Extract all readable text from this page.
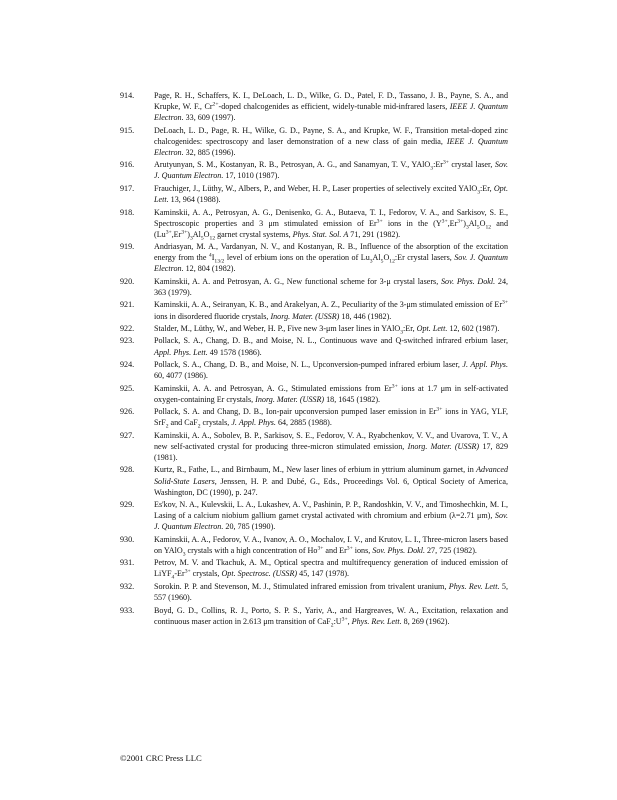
914.	Page, R. H., Schaffers, K. I., DeLoach, L. D., Wilke, G. D., Patel, F. D., Tassano, J. B., Payne, S. A., and Krupke, W. F., $Cr^{2+}$-doped chalcogenides as efficient, widely-tunable mid-infrared lasers, IEEE J. Quantum Electron. 33, 609 (1997).
915.	DeLoach, L. D., Page, R. H., Wilke, G. D., Payne, S. A., and Krupke, W. F., Transition metal-doped zinc chalcogenides: spectroscopy and laser demonstration of a new class of gain media, IEEE J. Quantum Electron. 32, 885 (1996).
916.	Arutyunyan, S. M., Kostanyan, R. B., Petrosyan, A. G., and Sanamyan, T. V., $YAlO_3:Er^{3+}$ crystal laser, Sov. J. Quantum Electron. 17, 1010 (1987).
917.	Frauchiger, J., Lüthy, W., Albers, P., and Weber, H. P., Laser properties of selectively excited YAlO$_3$:Er, Opt. Lett. 13, 964 (1988).
918.	Kaminskii, A. A., Petrosyan, A. G., Denisenko, G. A., Butaeva, T. I., Fedorov, V. A., and Sarkisov, S. E., Spectroscopic properties and 3 μm stimulated emission of $Er^{3+}$ ions in the $(Y^{3+},Er^{3+})_3Al_5O_{12}$ and $(Lu^{3+},Er^{3+})_3Al_5O_{12}$ garnet crystal systems, Phys. Stat. Sol. A 71, 291 (1982).
919.	Andriasyan, M. A., Vardanyan, N. V., and Kostanyan, R. B., Influence of the absorption of the excitation energy from the $^4I_{13/2}$ level of erbium ions on the operation of $Lu_3Al_5O_{12}:Er$ crystal lasers, Sov. J. Quantum Electron. 12, 804 (1982).
920.	Kaminskii, A. A. and Petrosyan, A. G., New functional scheme for 3-μ crystal lasers, Sov. Phys. Dokl. 24, 363 (1979).
921.	Kaminskii, A. A., Seiranyan, K. B., and Arakelyan, A. Z., Peculiarity of the 3-μm stimulated emission of $Er^{3+}$ ions in disordered fluoride crystals, Inorg. Mater. (USSR) 18, 446 (1982).
922.	Stalder, M., Lüthy, W., and Weber, H. P., Five new 3-μm laser lines in YAlO$_3$:Er, Opt. Lett. 12, 602 (1987).
923.	Pollack, S. A., Chang, D. B., and Moise, N. L., Continuous wave and Q-switched infrared erbium laser, Appl. Phys. Lett. 49 1578 (1986).
924.	Pollack, S. A., Chang, D. B., and Moise, N. L., Upconversion-pumped infrared erbium laser, J. Appl. Phys. 60, 4077 (1986).
925.	Kaminskii, A. A. and Petrosyan, A. G., Stimulated emissions from $Er^{3+}$ ions at 1.7 μm in self-activated oxygen-containing Er crystals, Inorg. Mater. (USSR) 18, 1645 (1982).
926.	Pollack, S. A. and Chang, D. B., Ion-pair upconversion pumped laser emission in $Er^{3+}$ ions in YAG, YLF, SrF$_2$ and CaF$_2$ crystals, J. Appl. Phys. 64, 2885 (1988).
927.	Kaminskii, A. A., Sobolev, B. P., Sarkisov, S. E., Fedorov, V. A., Ryabchenkov, V. V., and Uvarova, T. V., A new self-activated crystal for producing three-micron stimulated emission, Inorg. Mater. (USSR) 17, 829 (1981).
928.	Kurtz, R., Fathe, L., and Birnbaum, M., New laser lines of erbium in yttrium aluminum garnet, in Advanced Solid-State Lasers, Jenssen, H. P. and Dubé, G., Eds., Proceedings Vol. 6, Optical Society of America, Washington, DC (1990), p. 247.
929.	Es'kov, N. A., Kulevskii, L. A., Lukashev, A. V., Pashinin, P. P., Randoshkin, V. V., and Timoshechkin, M. I., Lasing of a calcium niobium gallium garnet crystal activated with chromium and erbium (λ=2.71 μm), Sov. J. Quantum Electron. 20, 785 (1990).
930.	Kaminskii, A. A., Fedorov, V. A., Ivanov, A. O., Mochalov, I. V., and Krutov, L. I., Three-micron lasers based on YAlO$_3$ crystals with a high concentration of $Ho^{3+}$ and $Er^{3+}$ ions, Sov. Phys. Dokl. 27, 725 (1982).
931.	Petrov, M. V. and Tkachuk, A. M., Optical spectra and multifrequency generation of induced emission of $LiYF_4-Er^{3+}$ crystals, Opt. Spectrosc. (USSR) 45, 147 (1978).
932.	Sorokin. P. P. and Stevenson, M. J., Stimulated infrared emission from trivalent uranium, Phys. Rev. Lett. 5, 557 (1960).
933.	Boyd, G. D., Collins, R. J., Porto, S. P. S., Yariv, A., and Hargreaves, W. A., Excitation, relaxation and continuous maser action in 2.613 μm transition of $CaF_2:U^{3+}$, Phys. Rev. Lett. 8, 269 (1962).
©2001 CRC Press LLC
